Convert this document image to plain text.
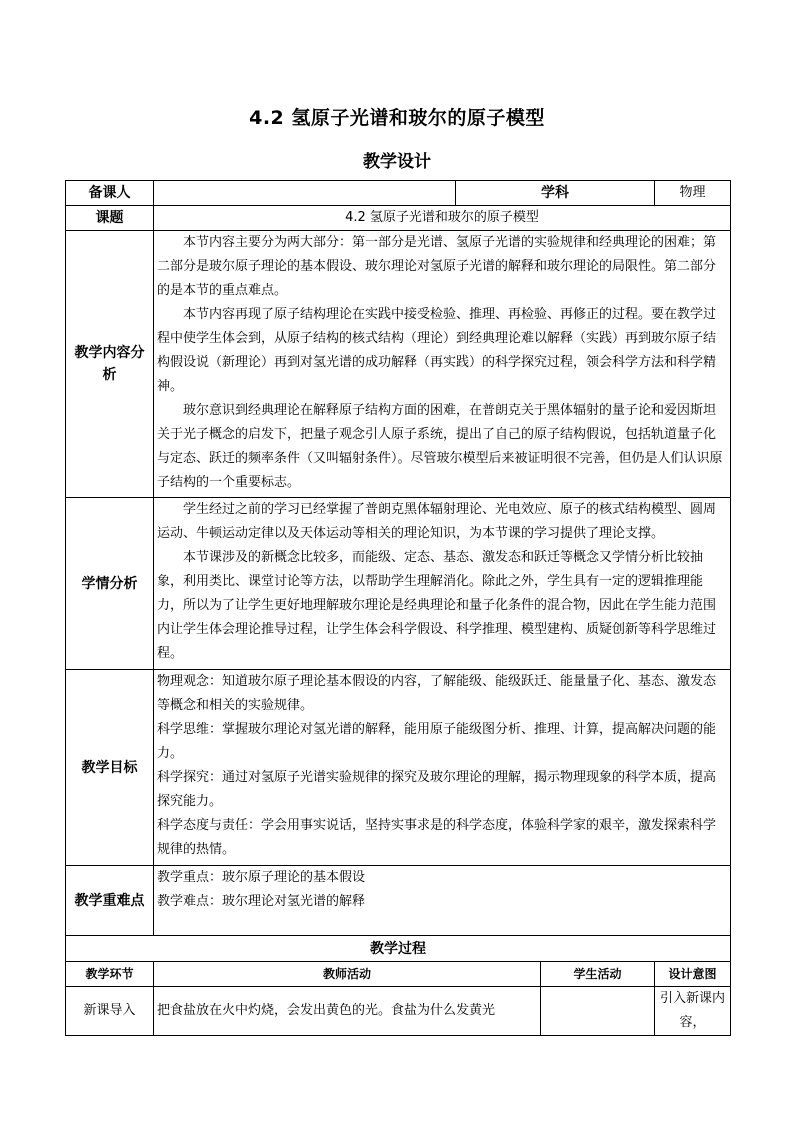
4.2 氢原子光谱和玻尔的原子模型
教学设计
备课人		学科		物理
课题	4.2 氢原子光谱和玻尔的原子模型			
教学内容分析	本节内容主要分为两大部分：第一部分是光谱、氢原子光谱的实验规律和经典理论的困难；第二部分是玻尔原子理论的基本假设、玻尔理论对氢原子光谱的解释和玻尔理论的局限性。第二部分的是本节的重点难点。

本节内容再现了原子结构理论在实践中接受检验、推理、再检验、再修正的过程。要在教学过程中使学生体会到，从原子结构的核式结构（理论）到经典理论难以解释（实践）再到玻尔原子结构假设说（新理论）再到对氢光谱的成功解释（再实践）的科学探究过程，领会科学方法和科学精神。

玻尔意识到经典理论在解释原子结构方面的困难，在普朗克关于黑体辐射的量子论和爱因斯坦关于光子概念的启发下，把量子观念引人原子系统，提出了自己的原子结构假说，包括轨道量子化与定态、跃迁的频率条件（又叫辐射条件）。尽管玻尔模型后来被证明很不完善，但仍是人们认识原子结构的一个重要标志。			

学情分析	学生经过之前的学习已经掌握了普朗克黑体辐射理论、光电效应、原子的核式结构模型、圆周运动、牛顿运动定律以及天体运动等相关的理论知识，为本节课的学习提供了理论支撑。

本节课涉及的新概念比较多，而能级、定态、基态、激发态和跃迁等概念又学情分析比较抽象，利用类比、课堂讨论等方法，以帮助学生理解消化。除此之外，学生具有一定的逻辑推理能力，所以为了让学生更好地理解玻尔理论是经典理论和量子化条件的混合物，因此在学生能力范围内让学生体会理论推导过程，让学生体会科学假设、科学推理、模型建构、质疑创新等科学思维过程。			

教学目标	物理观念：知道玻尔原子理论基本假设的内容，了解能级、能级跃迁、能量量子化、基态、激发态等概念和相关的实验规律。

科学思维：掌握玻尔理论对氢光谱的解释，能用原子能级图分析、推理、计算，提高解决问题的能力。

科学探究：通过对氢原子光谱实验规律的探究及玻尔理论的理解，揭示物理现象的科学本质，提高探究能力。

科学态度与责任：学会用事实说话，坚持实事求是的科学态度，体验科学家的艰辛，激发探索科学规律的热情。			

教学重难点	教学重点：玻尔原子理论的基本假设

教学难点：玻尔理论对氢光谱的解释			

教学过程				
教学环节	教师活动		学生活动	设计意图
新课导入	把食盐放在火中灼烧，会发出黄色的光。食盐为什么发黄光			引入新课内容，
